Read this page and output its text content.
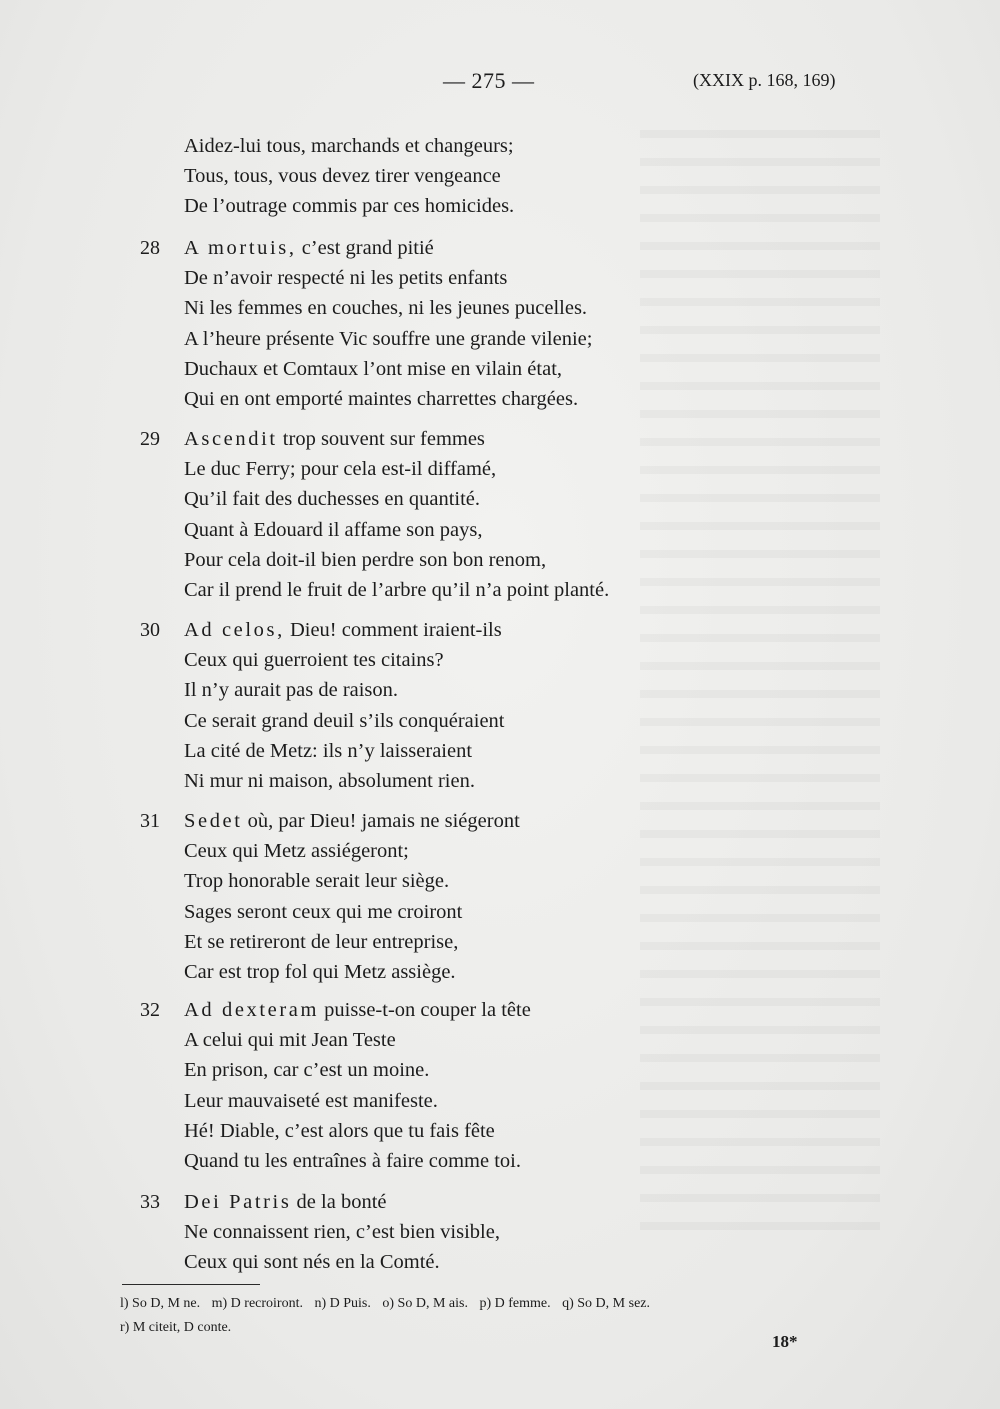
— 275 —	(XXIX p. 168, 169)
Aidez-lui tous, marchands et changeurs;
Tous, tous, vous devez tirer vengeance
De l’outrage commis par ces homicides.
28	A mortuis, c’est grand pitié
De n’avoir respecté ni les petits enfants
Ni les femmes en couches, ni les jeunes pucelles.
A l’heure présente Vic souffre une grande vilenie;
Duchaux et Comtaux l’ont mise en vilain état,
Qui en ont emporté maintes charrettes chargées.
29	Ascendit trop souvent sur femmes
Le duc Ferry; pour cela est-il diffamé,
Qu’il fait des duchesses en quantité.
Quant à Edouard il affame son pays,
Pour cela doit-il bien perdre son bon renom,
Car il prend le fruit de l’arbre qu’il n’a point planté.
30	Ad celos, Dieu! comment iraient-ils
Ceux qui guerroient tes citains?
Il n’y aurait pas de raison.
Ce serait grand deuil s’ils conquéraient
La cité de Metz: ils n’y laisseraient
Ni mur ni maison, absolument rien.
31	Sedet où, par Dieu! jamais ne siégeront
Ceux qui Metz assiégeront;
Trop honorable serait leur siège.
Sages seront ceux qui me croiront
Et se retireront de leur entreprise,
Car est trop fol qui Metz assiège.
32	Ad dexteram puisse-t-on couper la tête
A celui qui mit Jean Teste
En prison, car c’est un moine.
Leur mauvaiseté est manifeste.
Hé! Diable, c’est alors que tu fais fête
Quand tu les entraînes à faire comme toi.
33	Dei Patris de la bonté
Ne connaissent rien, c’est bien visible,
Ceux qui sont nés en la Comté.
l) So D, M ne. m) D recroiront. n) D Puis. o) So D, M ais. p) D femme. q) So D, M sez.
r) M citeit, D conte.
18*
